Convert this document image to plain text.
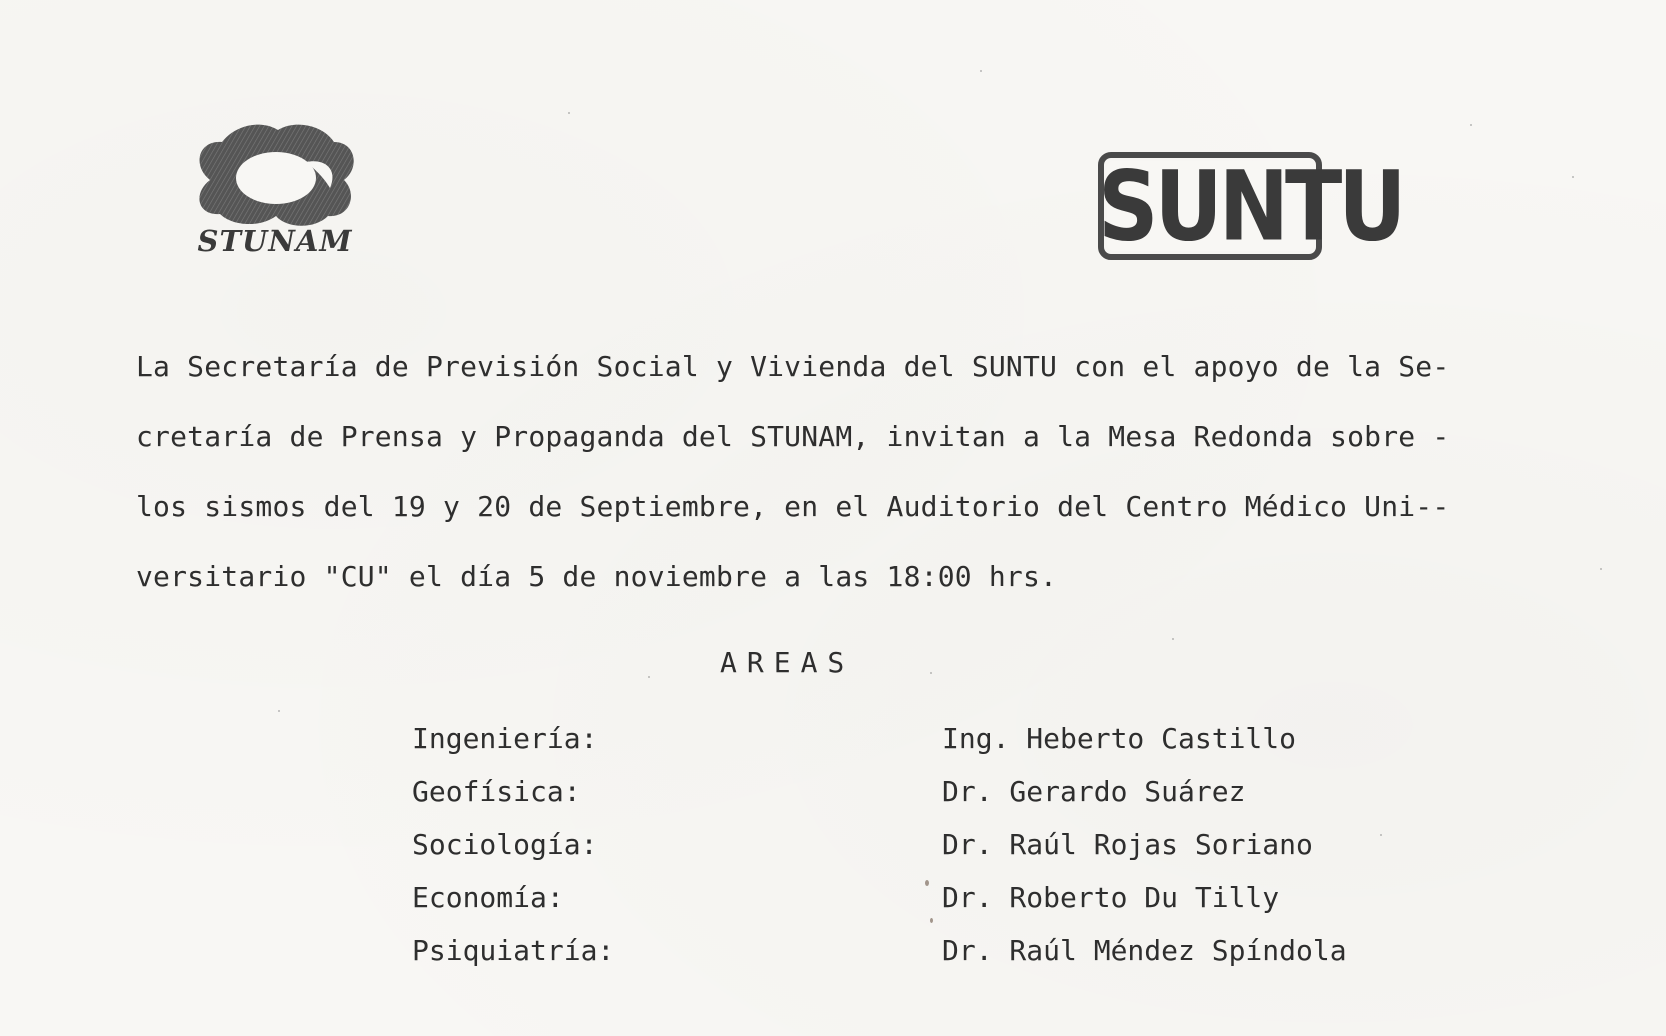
STUNAM	SUNTU
La Secretaría de Previsión Social y Vivienda del SUNTU con el apoyo de la Se-
cretaría de Prensa y Propaganda del STUNAM, invitan a la Mesa Redonda sobre -
los sismos del 19 y 20 de Septiembre, en el Auditorio del Centro Médico Uni--
versitario "CU" el día 5 de noviembre a las 18:00 hrs.
AREAS
Ingeniería:	Ing. Heberto Castillo
Geofísica:	Dr. Gerardo Suárez
Sociología:	Dr. Raúl Rojas Soriano
Economía:	Dr. Roberto Du Tilly
Psiquiatría:	Dr. Raúl Méndez Spíndola
